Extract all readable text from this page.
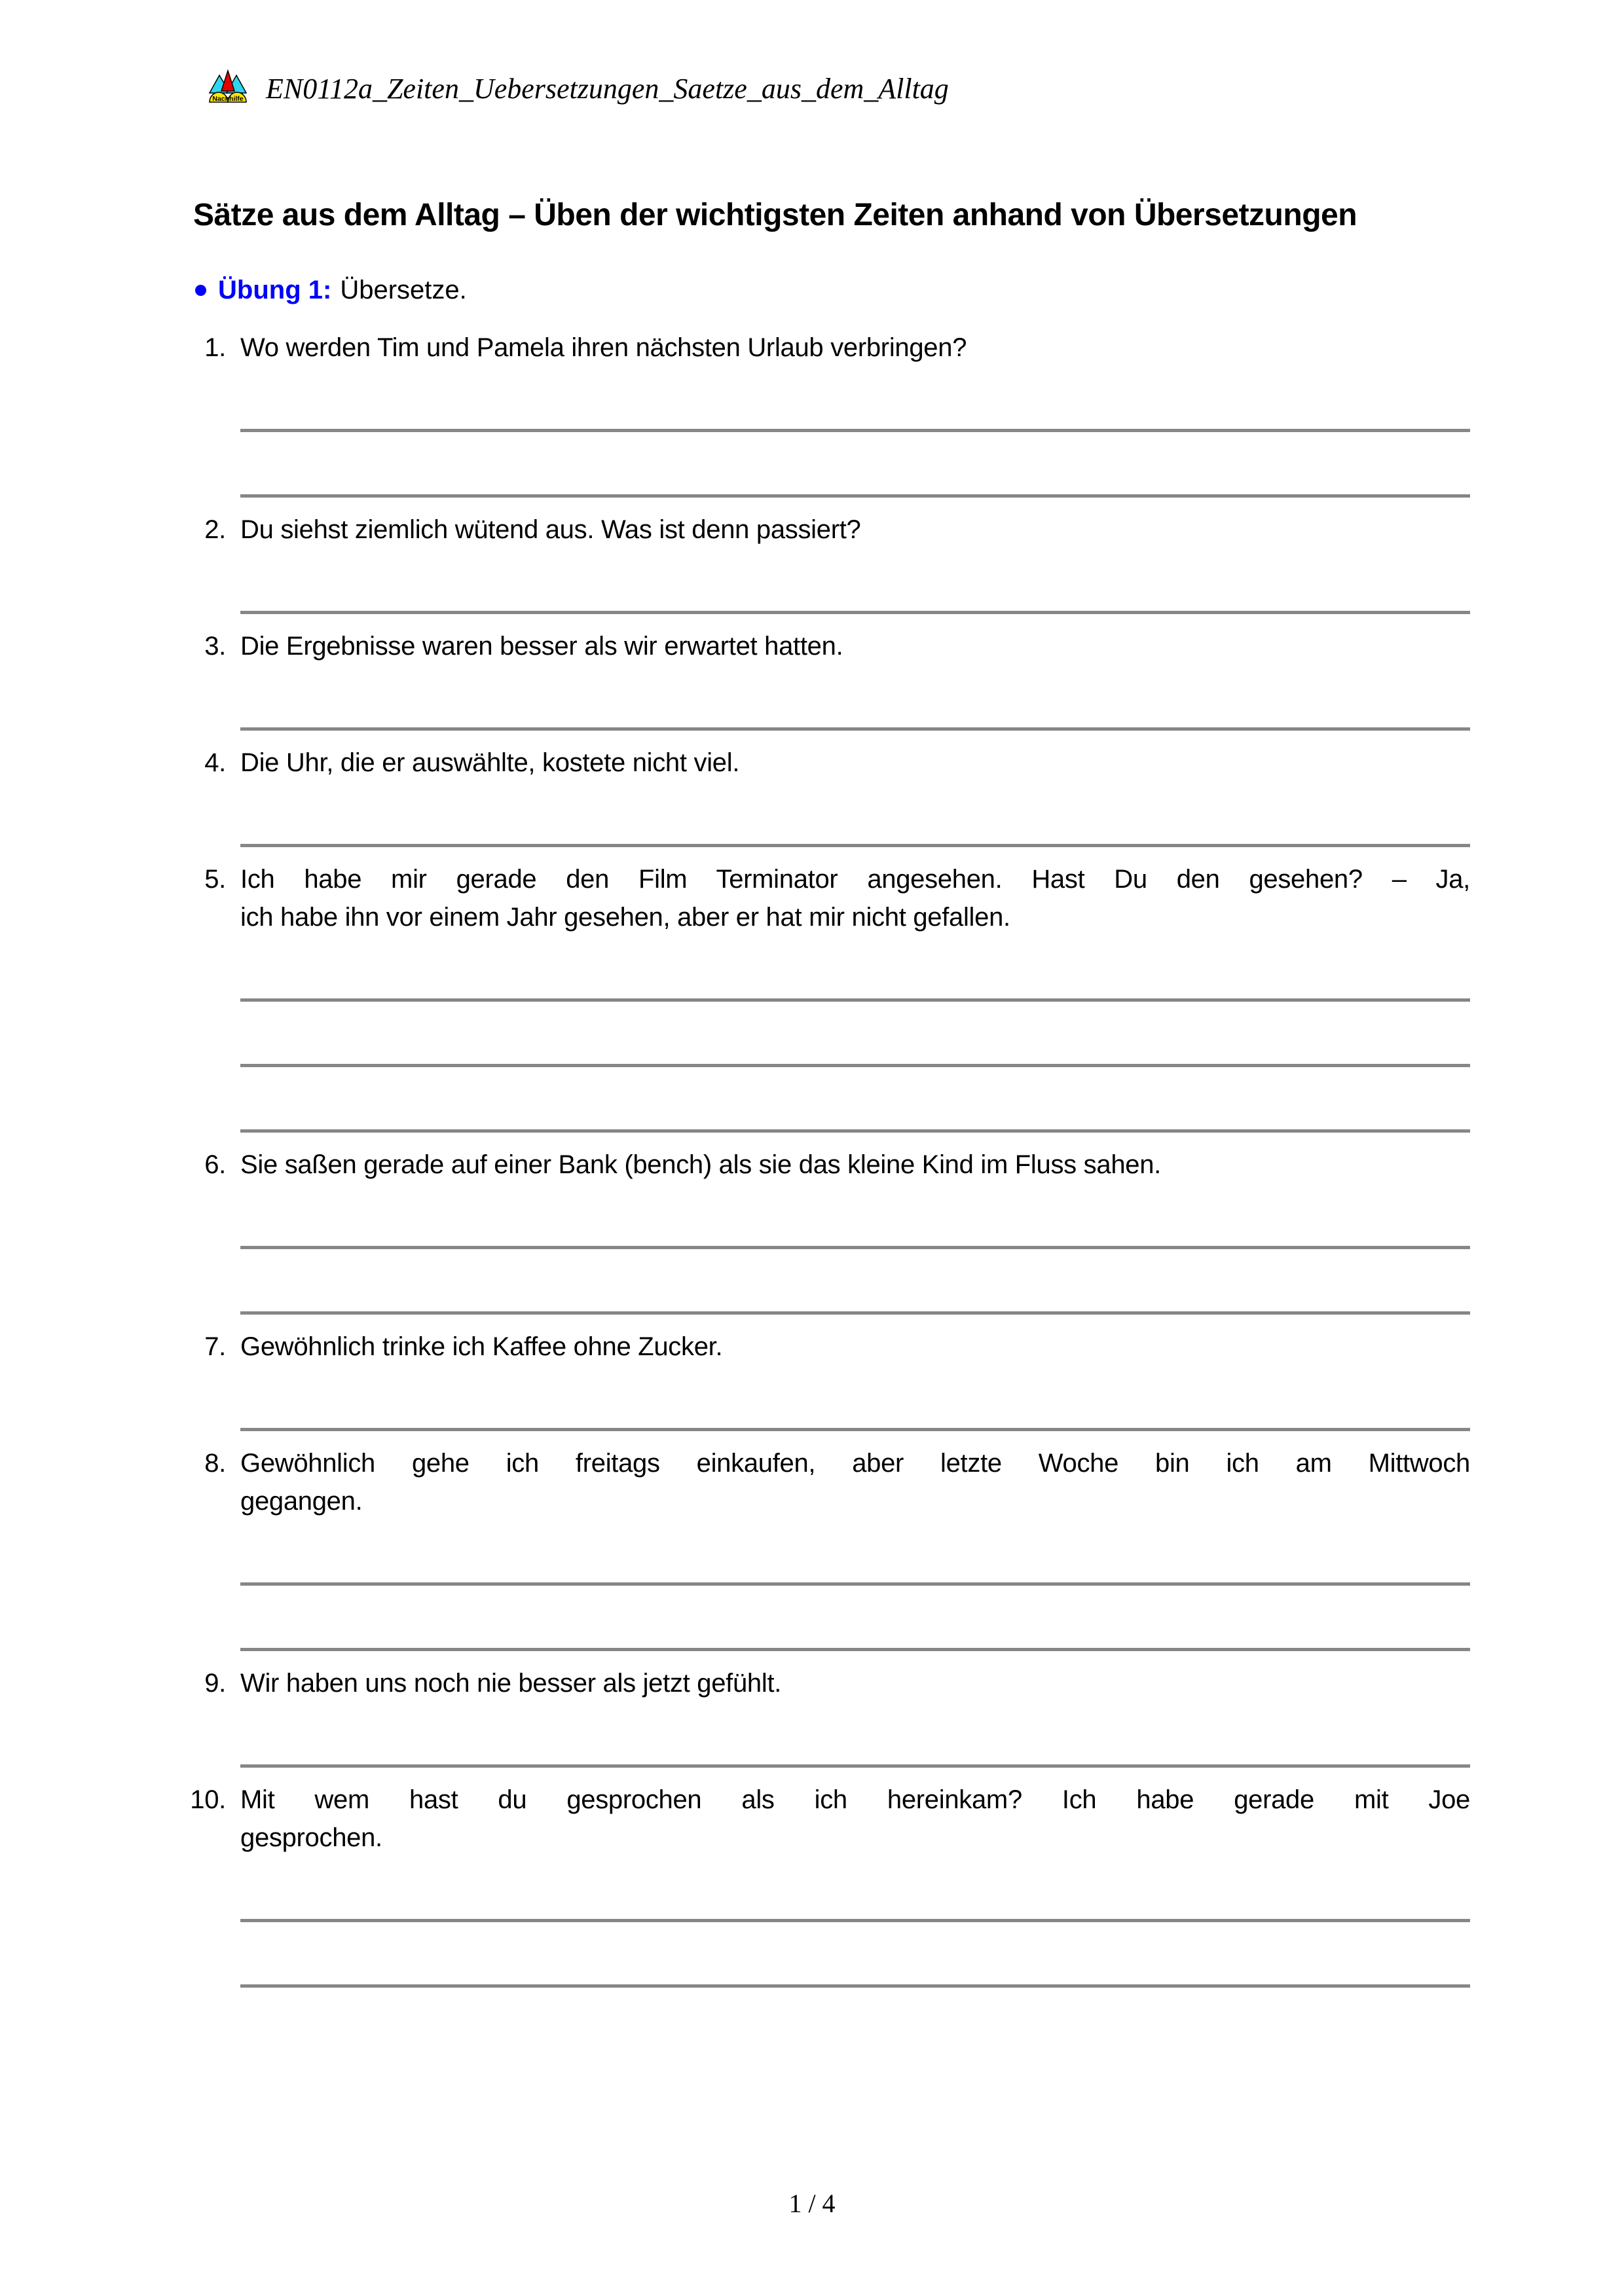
Nachhilfe EN0112a_Zeiten_Uebersetzungen_Saetze_aus_dem_Alltag
Sätze aus dem Alltag – Üben der wichtigsten Zeiten anhand von Übersetzungen
Übung 1: Übersetze.
1. Wo werden Tim und Pamela ihren nächsten Urlaub verbringen?
2. Du siehst ziemlich wütend aus. Was ist denn passiert?
3. Die Ergebnisse waren besser als wir erwartet hatten.
4. Die Uhr, die er auswählte, kostete nicht viel.
5. Ich habe mir gerade den Film Terminator angesehen. Hast Du den gesehen? – Ja,
ich habe ihn vor einem Jahr gesehen, aber er hat mir nicht gefallen.
6. Sie saßen gerade auf einer Bank (bench) als sie das kleine Kind im Fluss sahen.
7. Gewöhnlich trinke ich Kaffee ohne Zucker.
8. Gewöhnlich gehe ich freitags einkaufen, aber letzte Woche bin ich am Mittwoch
gegangen.
9. Wir haben uns noch nie besser als jetzt gefühlt.
10. Mit wem hast du gesprochen als ich hereinkam? Ich habe gerade mit Joe
gesprochen.
1 / 4
